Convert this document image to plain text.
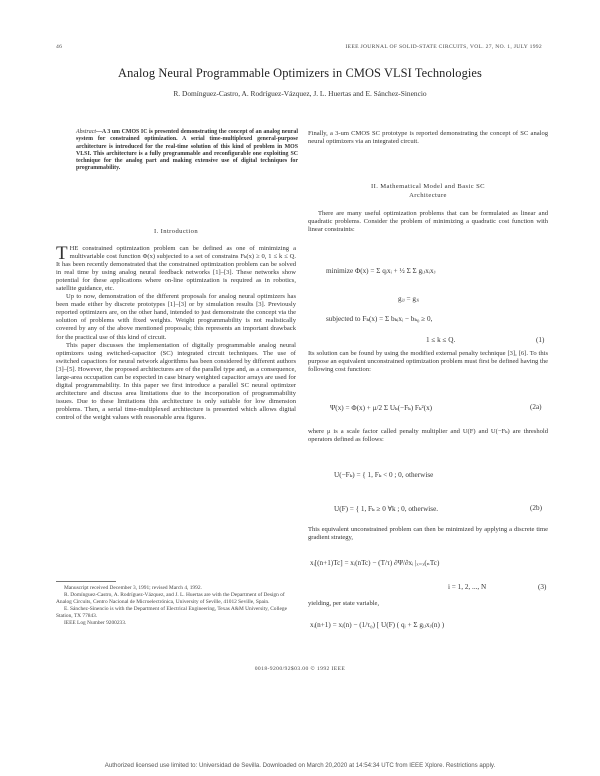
46	IEEE JOURNAL OF SOLID-STATE CIRCUITS, VOL. 27, NO. 1, JULY 1992
Analog Neural Programmable Optimizers in CMOS VLSI Technologies
R. Domínguez-Castro, A. Rodríguez-Vázquez, J. L. Huertas and E. Sánchez-Sinencio
Abstract—A 3 um CMOS IC is presented demonstrating the concept of an analog neural system for constrained optimization. A serial time-multiplexed general-purpose architecture is introduced for the real-time solution of this kind of problem in MOS VLSI. This architecture is a fully programmable and reconfigurable one exploiting SC technique for the analog part and making extensive use of digital techniques for programmability.
I. Introduction

THE constrained optimization problem can be defined as one of minimizing a multivariable cost function Φ(x) subjected to a set of constrains Fₖ(x) ≥ 0, 1 ≤ k ≤ Q. It has been recently demonstrated that the constrained optimization problem can be solved in real time by using analog neural feedback networks [1]–[3]. These networks show potential for these applications where on-line optimization is required as in robotics, satellite guidance, etc.

Up to now, demonstration of the different proposals for analog neural optimizers has been made either by discrete prototypes [1]–[3] or by simulation results [3]. Previously reported optimizers are, on the other hand, intended to just demonstrate the concept via the solution of problems with fixed weights. Weight programmability is not realistically covered by any of the above mentioned proposals; this represents an important drawback for the practical use of this kind of circuit.

This paper discusses the implementation of digitally programmable analog neural optimizers using switched-capacitor (SC) integrated circuit techniques. The use of switched capacitors for neural network algorithms has been considered by different authors [3]–[5]. However, the proposed architectures are of the parallel type and, as a consequence, large-area occupation can be expected in case binary weighted capacitor arrays are used for digital programmability. In this paper we first introduce a parallel SC neural optimizer architecture and discuss area limitations due to the incorporation of programmability issues. Due to these limitations this architecture is only suitable for low dimension problems. Then, a serial time-multiplexed architecture is presented which allows digital control of the weight values with reasonable area figures.

Manuscript received December 3, 1991; revised March 4, 1992.

R. Domínguez-Castro, A. Rodríguez-Vázquez, and J. L. Huertas are with the Department of Design of Analog Circuits, Centro Nacional de Microelectrónica, University of Seville, 41012 Seville, Spain.

E. Sánchez-Sinencio is with the Department of Electrical Engineering, Texas A&M University, College Station, TX 77843.

IEEE Log Number 9200233.

Finally, a 3-um CMOS SC prototype is reported demonstrating the concept of SC analog neural optimizers via an integrated circuit.
II. Mathematical Model and Basic SC
Architecture
There are many useful optimization problems that can be formulated as linear and quadratic problems. Consider the problem of minimizing a quadratic cost function with linear constraints:
minimize Φ(x) = Σ qᵢxᵢ + ½ Σ Σ gᵢⱼxᵢxⱼ
gᵢⱼ = gⱼᵢ
subjected to Fₖ(x) = Σ bₖᵢxᵢ − bₖ₀ ≥ 0,
1 ≤ k ≤ Q.	(1)
Its solution can be found by using the modified external penalty technique [3], [6]. To this purpose an equivalent unconstrained optimization problem must first be defined having the following cost function:
Ψ(x) = Φ(x) + μ/2 Σ Uₖ(−Fₖ) Fₖ²(x)	(2a)
where μ is a scale factor called penalty multiplier and U(F) and U(−Fₖ) are threshold operators defined as follows:
U(−Fₖ) = { 1, Fₖ < 0 ; 0, otherwise
U(F) = { 1, Fₖ ≥ 0 ∀k ; 0, otherwise.	(2b)
This equivalent unconstrained problem can then be minimized by applying a discrete time gradient strategy,
xᵢ[(n+1)Tc] = xᵢ(nTc) − (T/τ) ∂Ψ/∂xᵢ |ₓ₌ₓ(ₙTc)
i = 1, 2, ..., N	(3)
yielding, per state variable,
xᵢ(n+1) = xᵢ(n) − (1/τ₀) [ U(F) ( qᵢ + Σ gᵢⱼxⱼ(n) )
0018-9200/92$03.00 © 1992 IEEE
Authorized licensed use limited to: Universidad de Sevilla. Downloaded on March 20,2020 at 14:54:34 UTC from IEEE Xplore. Restrictions apply.
